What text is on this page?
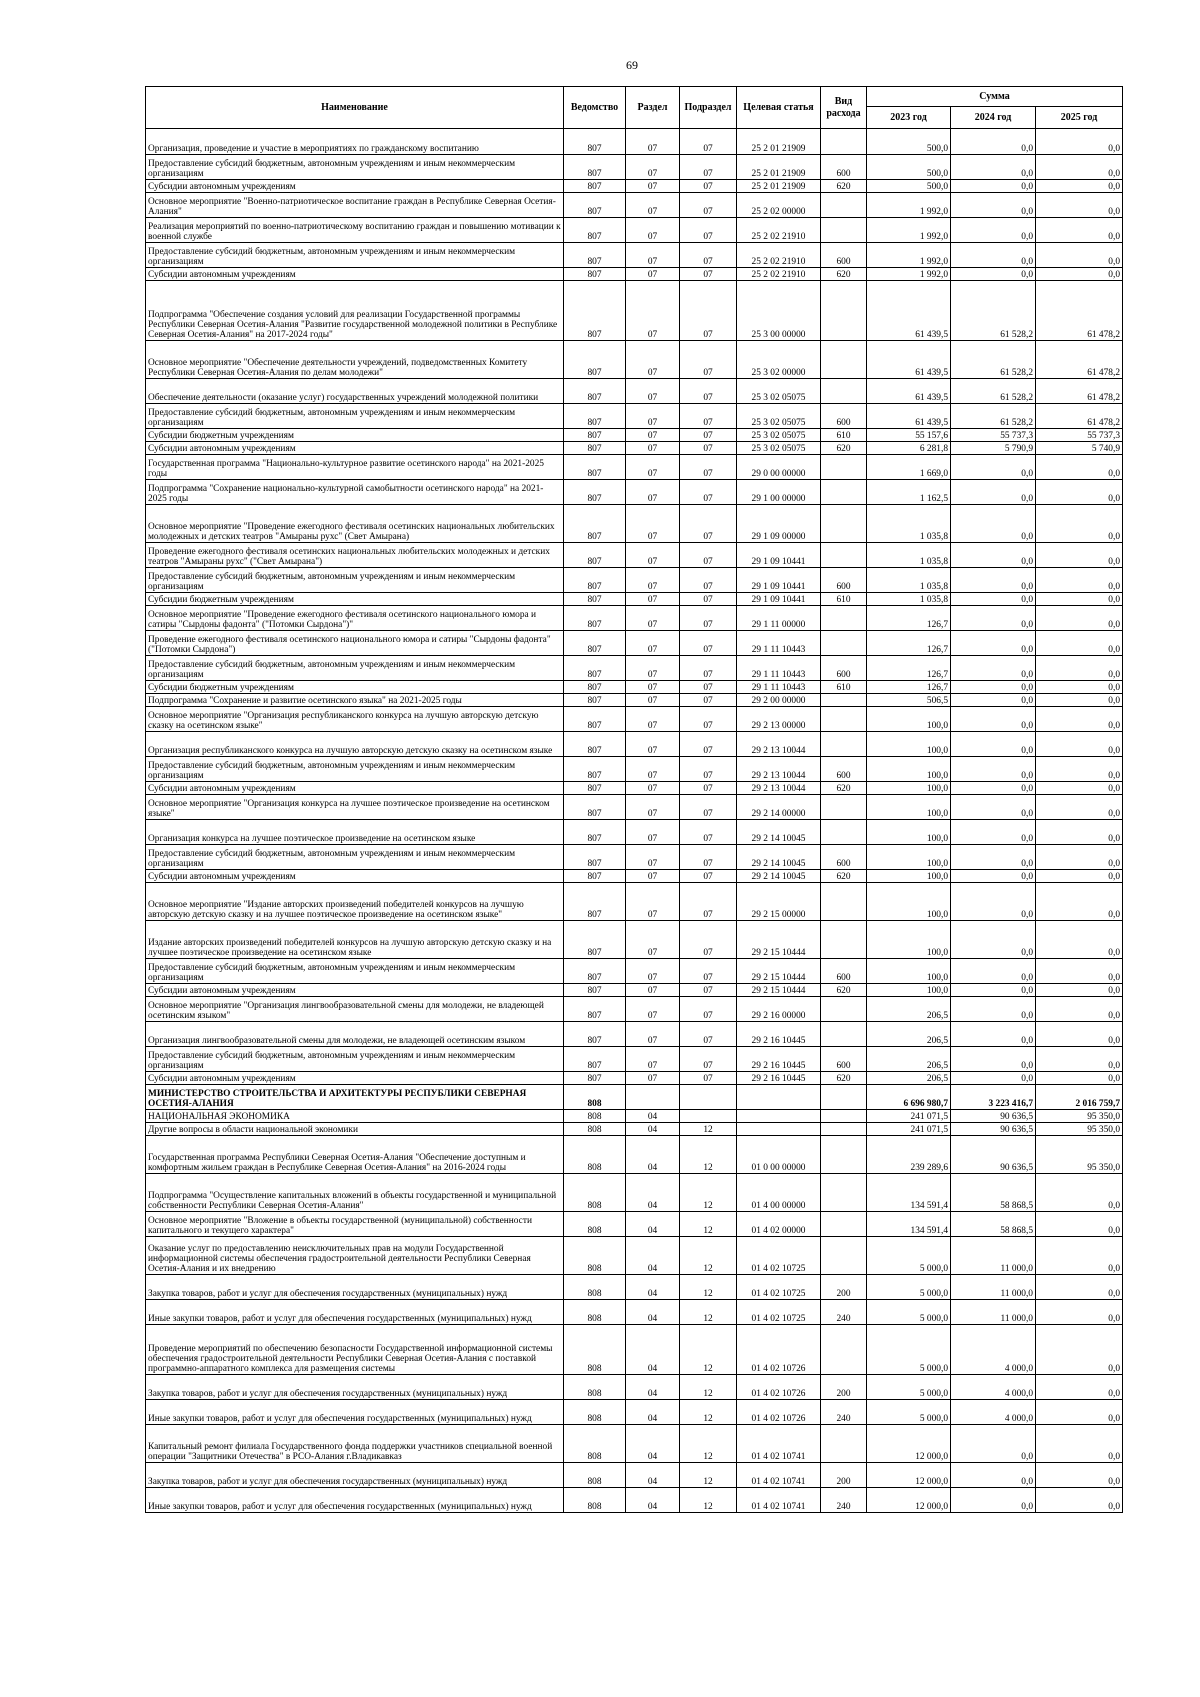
69
Наименование	Ведомство	Раздел	Подраздел	Целевая статья	Вид расхода	Сумма		
						2023 год	2024 год	2025 год

Организация, проведение и участие в мероприятиях по гражданскому воспитанию	807	07	07	25 2 01 21909		500,0	0,0	0,0
Предоставление субсидий бюджетным, автономным учреждениям и иным некоммерческим организациям	807	07	07	25 2 01 21909	600	500,0	0,0	0,0
Субсидии автономным учреждениям	807	07	07	25 2 01 21909	620	500,0	0,0	0,0
Основное мероприятие "Военно-патриотическое воспитание граждан в Республике Северная Осетия- Алания"	807	07	07	25 2 02 00000		1 992,0	0,0	0,0
Реализация мероприятий по военно-патриотическому воспитанию граждан и повышению мотивации к военной службе	807	07	07	25 2 02 21910		1 992,0	0,0	0,0
Предоставление субсидий бюджетным, автономным учреждениям и иным некоммерческим организациям	807	07	07	25 2 02 21910	600	1 992,0	0,0	0,0
Субсидии автономным учреждениям	807	07	07	25 2 02 21910	620	1 992,0	0,0	0,0
Подпрограмма "Обеспечение создания условий для реализации Государственной программы Республики Северная Осетия-Алания "Развитие государственной молодежной политики в Республике Северная Осетия-Алания" на 2017-2024 годы"	807	07	07	25 3 00 00000		61 439,5	61 528,2	61 478,2
Основное мероприятие "Обеспечение деятельности учреждений, подведомственных Комитету Республики Северная Осетия-Алания по делам молодежи"	807	07	07	25 3 02 00000		61 439,5	61 528,2	61 478,2
Обеспечение деятельности (оказание услуг) государственных учреждений молодежной политики	807	07	07	25 3 02 05075		61 439,5	61 528,2	61 478,2
Предоставление субсидий бюджетным, автономным учреждениям и иным некоммерческим организациям	807	07	07	25 3 02 05075	600	61 439,5	61 528,2	61 478,2
Субсидии бюджетным учреждениям	807	07	07	25 3 02 05075	610	55 157,6	55 737,3	55 737,3
Субсидии автономным учреждениям	807	07	07	25 3 02 05075	620	6 281,8	5 790,9	5 740,9
Государственная программа "Национально-культурное развитие осетинского народа" на 2021-2025 годы	807	07	07	29 0 00 00000		1 669,0	0,0	0,0
Подпрограмма "Сохранение национально-культурной самобытности осетинского народа" на 2021-2025 годы	807	07	07	29 1 00 00000		1 162,5	0,0	0,0
Основное мероприятие "Проведение ежегодного фестиваля осетинских национальных любительских молодежных и детских театров "Амыраны рухс" (Свет Амырана)	807	07	07	29 1 09 00000		1 035,8	0,0	0,0
Проведение ежегодного фестиваля осетинских национальных любительских молодежных и детских театров "Амыраны рухс" ("Свет Амырана")	807	07	07	29 1 09 10441		1 035,8	0,0	0,0
Предоставление субсидий бюджетным, автономным учреждениям и иным некоммерческим организациям	807	07	07	29 1 09 10441	600	1 035,8	0,0	0,0
Субсидии бюджетным учреждениям	807	07	07	29 1 09 10441	610	1 035,8	0,0	0,0
Основное мероприятие "Проведение ежегодного фестиваля осетинского национального юмора и сатиры "Сырдоны фадонта" ("Потомки Сырдона")"	807	07	07	29 1 11 00000		126,7	0,0	0,0
Проведение ежегодного фестиваля осетинского национального юмора и сатиры "Сырдоны фадонта" ("Потомки Сырдона")	807	07	07	29 1 11 10443		126,7	0,0	0,0
Предоставление субсидий бюджетным, автономным учреждениям и иным некоммерческим организациям	807	07	07	29 1 11 10443	600	126,7	0,0	0,0
Субсидии бюджетным учреждениям	807	07	07	29 1 11 10443	610	126,7	0,0	0,0
Подпрограмма "Сохранение и развитие осетинского языка" на 2021-2025 годы	807	07	07	29 2 00 00000		506,5	0,0	0,0
Основное мероприятие "Организация республиканского конкурса на лучшую авторскую детскую сказку на осетинском языке"	807	07	07	29 2 13 00000		100,0	0,0	0,0
Организация республиканского конкурса на лучшую авторскую детскую сказку на осетинском языке	807	07	07	29 2 13 10044		100,0	0,0	0,0
Предоставление субсидий бюджетным, автономным учреждениям и иным некоммерческим организациям	807	07	07	29 2 13 10044	600	100,0	0,0	0,0
Субсидии автономным учреждениям	807	07	07	29 2 13 10044	620	100,0	0,0	0,0
Основное мероприятие "Организация конкурса на лучшее поэтическое произведение на осетинском языке"	807	07	07	29 2 14 00000		100,0	0,0	0,0
Организация конкурса на лучшее поэтическое произведение на осетинском языке	807	07	07	29 2 14 10045		100,0	0,0	0,0
Предоставление субсидий бюджетным, автономным учреждениям и иным некоммерческим организациям	807	07	07	29 2 14 10045	600	100,0	0,0	0,0
Субсидии автономным учреждениям	807	07	07	29 2 14 10045	620	100,0	0,0	0,0
Основное мероприятие "Издание авторских произведений победителей конкурсов на лучшую авторскую детскую сказку и на лучшее поэтическое произведение на осетинском языке"	807	07	07	29 2 15 00000		100,0	0,0	0,0
Издание авторских произведений победителей конкурсов на лучшую авторскую детскую сказку и на лучшее поэтическое произведение на осетинском языке	807	07	07	29 2 15 10444		100,0	0,0	0,0
Предоставление субсидий бюджетным, автономным учреждениям и иным некоммерческим организациям	807	07	07	29 2 15 10444	600	100,0	0,0	0,0
Субсидии автономным учреждениям	807	07	07	29 2 15 10444	620	100,0	0,0	0,0
Основное мероприятие "Организация лингвообразовательной смены для молодежи, не владеющей осетинским языком"	807	07	07	29 2 16 00000		206,5	0,0	0,0
Организация лингвообразовательной смены для молодежи, не владеющей осетинским языком	807	07	07	29 2 16 10445		206,5	0,0	0,0
Предоставление субсидий бюджетным, автономным учреждениям и иным некоммерческим организациям	807	07	07	29 2 16 10445	600	206,5	0,0	0,0
Субсидии автономным учреждениям	807	07	07	29 2 16 10445	620	206,5	0,0	0,0
МИНИСТЕРСТВО СТРОИТЕЛЬСТВА И АРХИТЕКТУРЫ РЕСПУБЛИКИ СЕВЕРНАЯ ОСЕТИЯ-АЛАНИЯ	808					6 696 980,7	3 223 416,7	2 016 759,7
НАЦИОНАЛЬНАЯ ЭКОНОМИКА	808	04				241 071,5	90 636,5	95 350,0
Другие вопросы в области национальной экономики	808	04	12			241 071,5	90 636,5	95 350,0
Государственная программа Республики Северная Осетия-Алания "Обеспечение доступным и комфортным жильем граждан в Республике Северная Осетия-Алания" на 2016-2024 годы	808	04	12	01 0 00 00000		239 289,6	90 636,5	95 350,0
Подпрограмма "Осуществление капитальных вложений в объекты государственной и муниципальной собственности Республики Северная Осетия-Алания"	808	04	12	01 4 00 00000		134 591,4	58 868,5	0,0
Основное мероприятие "Вложение в объекты государственной (муниципальной) собственности капитального и текущего характера"	808	04	12	01 4 02 00000		134 591,4	58 868,5	0,0
Оказание услуг по предоставлению неисключительных прав на модули Государственной информационной системы обеспечения градостроительной деятельности Республики Северная Осетия-Алания и их внедрению	808	04	12	01 4 02 10725		5 000,0	11 000,0	0,0
Закупка товаров, работ и услуг для обеспечения государственных (муниципальных) нужд	808	04	12	01 4 02 10725	200	5 000,0	11 000,0	0,0
Иные закупки товаров, работ и услуг для обеспечения государственных (муниципальных) нужд	808	04	12	01 4 02 10725	240	5 000,0	11 000,0	0,0
Проведение мероприятий по обеспечению безопасности Государственной информационной системы обеспечения градостроительной деятельности Республики Северная Осетия-Алания с поставкой программно-аппаратного комплекса для размещения системы	808	04	12	01 4 02 10726		5 000,0	4 000,0	0,0
Закупка товаров, работ и услуг для обеспечения государственных (муниципальных) нужд	808	04	12	01 4 02 10726	200	5 000,0	4 000,0	0,0
Иные закупки товаров, работ и услуг для обеспечения государственных (муниципальных) нужд	808	04	12	01 4 02 10726	240	5 000,0	4 000,0	0,0
Капитальный ремонт филиала Государственного фонда поддержки участников специальной военной операции "Защитники Отечества" в РСО-Алания г.Владикавказ	808	04	12	01 4 02 10741		12 000,0	0,0	0,0
Закупка товаров, работ и услуг для обеспечения государственных (муниципальных) нужд	808	04	12	01 4 02 10741	200	12 000,0	0,0	0,0
Иные закупки товаров, работ и услуг для обеспечения государственных (муниципальных) нужд	808	04	12	01 4 02 10741	240	12 000,0	0,0	0,0
